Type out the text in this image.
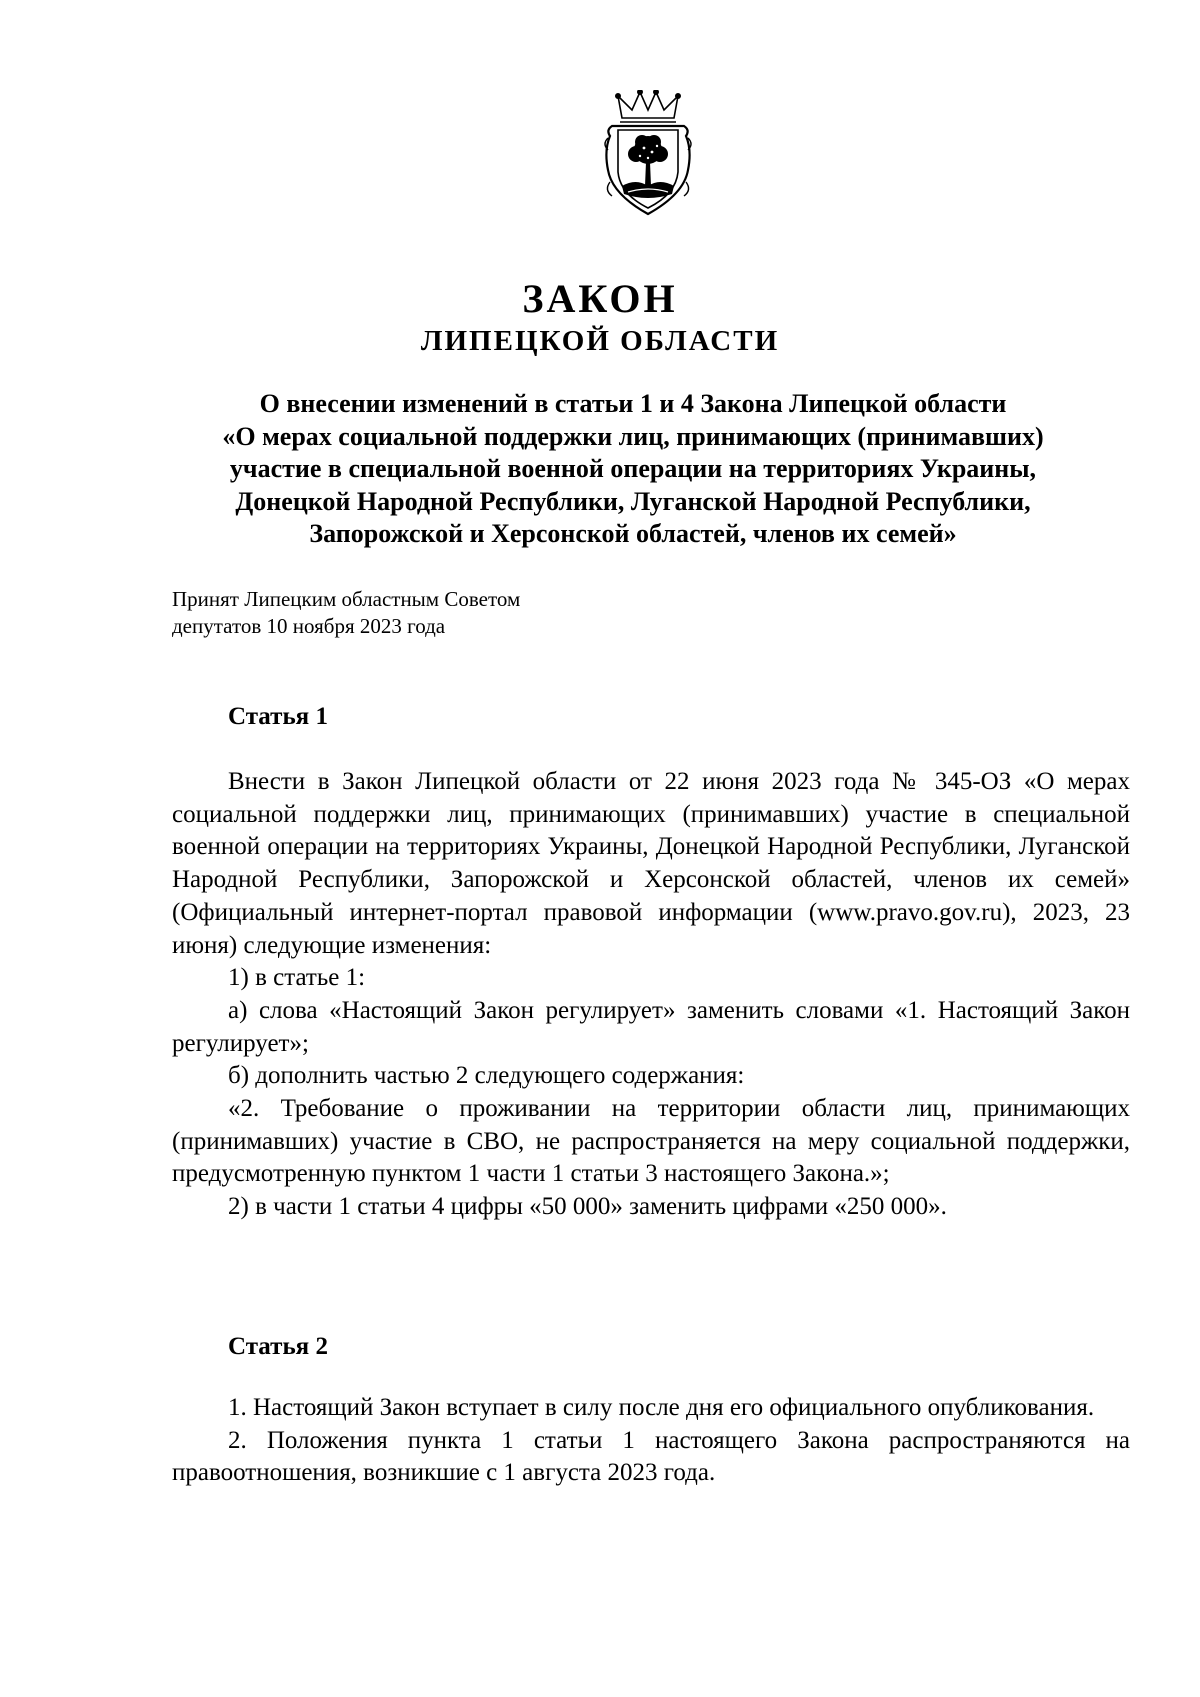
ЗАКОН
ЛИПЕЦКОЙ ОБЛАСТИ
О внесении изменений в статьи 1 и 4 Закона Липецкой области
«О мерах социальной поддержки лиц, принимающих (принимавших)
участие в специальной военной операции на территориях Украины,
Донецкой Народной Республики, Луганской Народной Республики,
Запорожской и Херсонской областей, членов их семей»
Принят Липецким областным Советом
депутатов 10 ноября 2023 года
Статья 1

Внести в Закон Липецкой области от 22 июня 2023 года № 345-ОЗ «О мерах социальной поддержки лиц, принимающих (принимавших) участие в специальной военной операции на территориях Украины, Донецкой Народной Республики, Луганской Народной Республики, Запорожской и Херсонской областей, членов их семей» (Официальный интернет-портал правовой информации (www.pravo.gov.ru), 2023, 23 июня) следующие изменения:

1) в статье 1:

а) слова «Настоящий Закон регулирует» заменить словами «1. Настоящий Закон регулирует»;

б) дополнить частью 2 следующего содержания:

«2. Требование о проживании на территории области лиц, принимающих (принимавших) участие в СВО, не распространяется на меру социальной поддержки, предусмотренную пунктом 1 части 1 статьи 3 настоящего Закона.»;

2) в части 1 статьи 4 цифры «50 000» заменить цифрами «250 000».

Статья 2

1. Настоящий Закон вступает в силу после дня его официального опубликования.

2. Положения пункта 1 статьи 1 настоящего Закона распространяются на правоотношения, возникшие с 1 августа 2023 года.
